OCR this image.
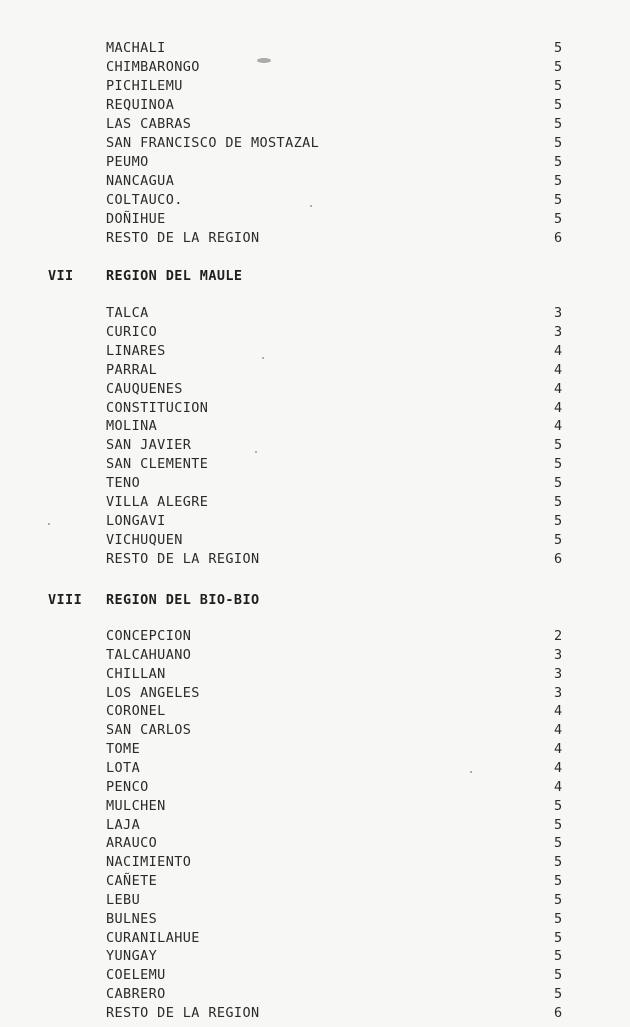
MACHALI	5
CHIMBARONGO	5
PICHILEMU	5
REQUINOA	5
LAS CABRAS	5
SAN FRANCISCO DE MOSTAZAL	5
PEUMO	5
NANCAGUA	5
COLTAUCO.	5
DOÑIHUE	5
RESTO DE LA REGION	6
VII REGION DEL MAULE
TALCA	3
CURICO	3
LINARES	4
PARRAL	4
CAUQUENES	4
CONSTITUCION	4
MOLINA	4
SAN JAVIER	5
SAN CLEMENTE	5
TENO	5
VILLA ALEGRE	5
LONGAVI	5
VICHUQUEN	5
RESTO DE LA REGION	6
VIII REGION DEL BIO-BIO
CONCEPCION	2
TALCAHUANO	3
CHILLAN	3
LOS ANGELES	3
CORONEL	4
SAN CARLOS	4
TOME	4
LOTA	4
PENCO	4
MULCHEN	5
LAJA	5
ARAUCO	5
NACIMIENTO	5
CAÑETE	5
LEBU	5
BULNES	5
CURANILAHUE	5
YUNGAY	5
COELEMU	5
CABRERO	5
RESTO DE LA REGION	6
